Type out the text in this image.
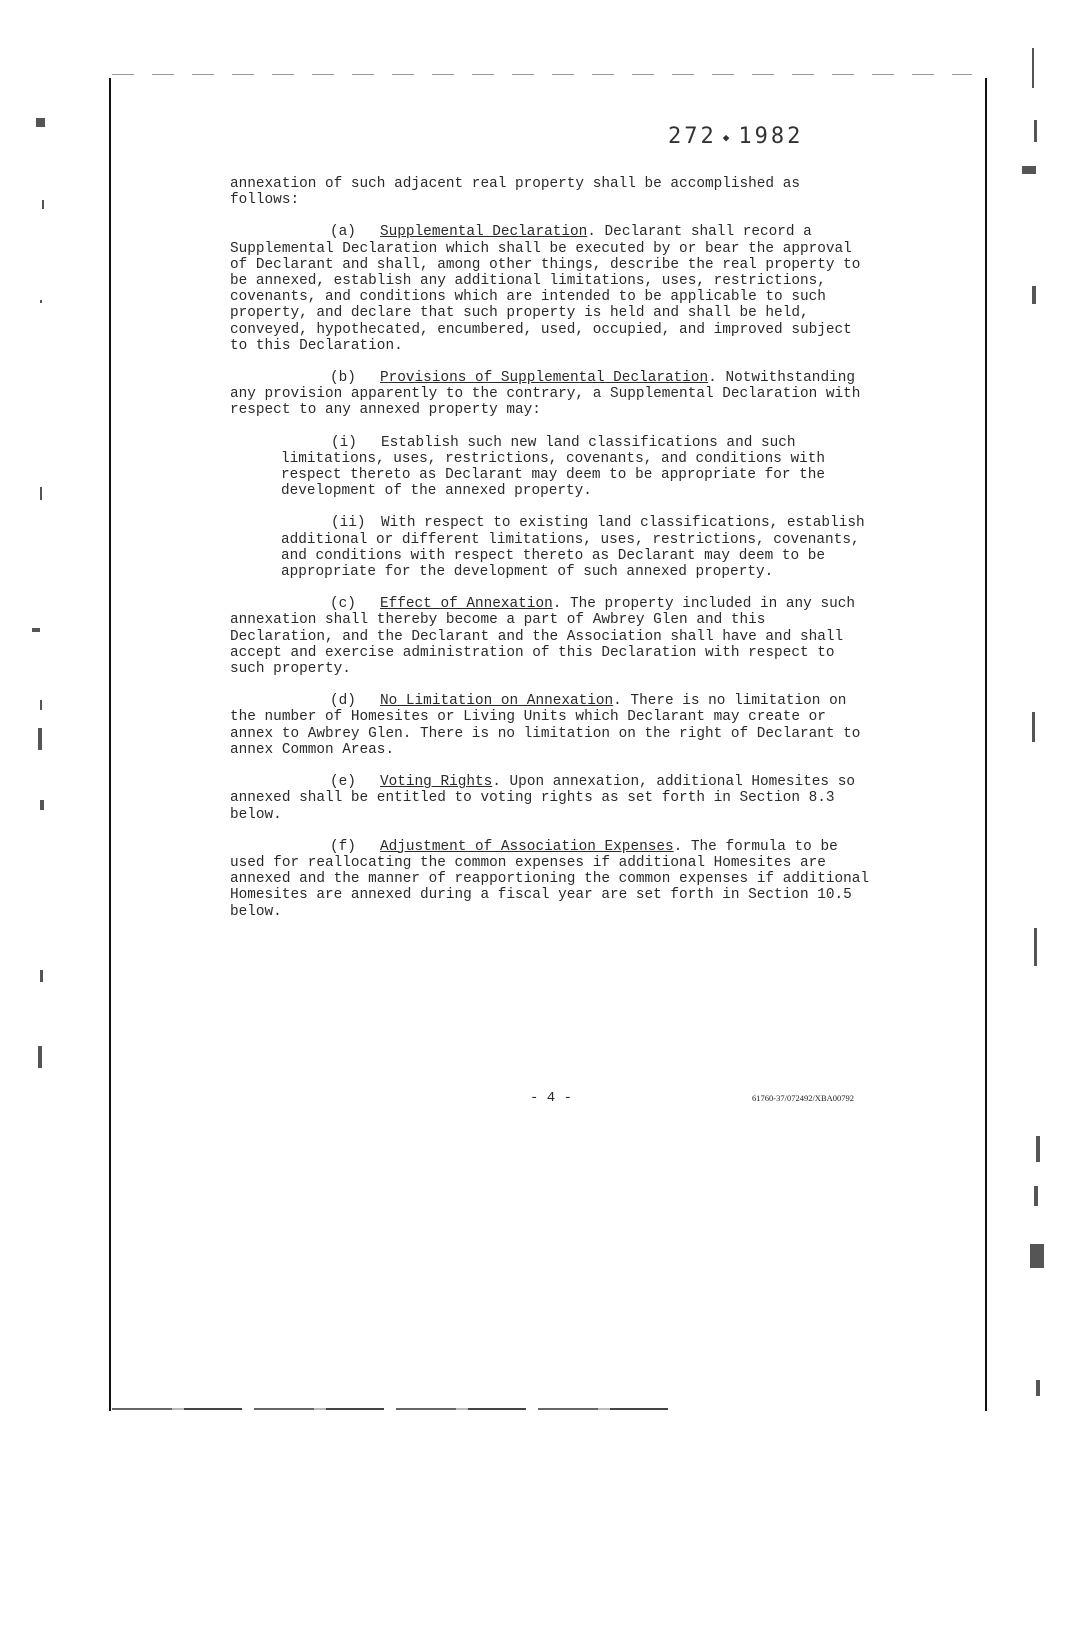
272 ◆ 1982

annexation of such adjacent real property shall be accomplished as follows:

(a) Supplemental Declaration. Declarant shall record a Supplemental Declaration which shall be executed by or bear the approval of Declarant and shall, among other things, describe the real property to be annexed, establish any additional limitations, uses, restrictions, covenants, and conditions which are intended to be applicable to such property, and declare that such property is held and shall be held, conveyed, hypothecated, encumbered, used, occupied, and improved subject to this Declaration.

(b) Provisions of Supplemental Declaration. Notwithstanding any provision apparently to the contrary, a Supplemental Declaration with respect to any annexed property may:

(i) Establish such new land classifications and such limitations, uses, restrictions, covenants, and conditions with respect thereto as Declarant may deem to be appropriate for the development of the annexed property.

(ii) With respect to existing land classifications, establish additional or different limitations, uses, restrictions, covenants, and conditions with respect thereto as Declarant may deem to be appropriate for the development of such annexed property.

(c) Effect of Annexation. The property included in any such annexation shall thereby become a part of Awbrey Glen and this Declaration, and the Declarant and the Association shall have and shall accept and exercise administration of this Declaration with respect to such property.

(d) No Limitation on Annexation. There is no limitation on the number of Homesites or Living Units which Declarant may create or annex to Awbrey Glen. There is no limitation on the right of Declarant to annex Common Areas.

(e) Voting Rights. Upon annexation, additional Homesites so annexed shall be entitled to voting rights as set forth in Section 8.3 below.

(f) Adjustment of Association Expenses. The formula to be used for reallocating the common expenses if additional Homesites are annexed and the manner of reapportioning the common expenses if additional Homesites are annexed during a fiscal year are set forth in Section 10.5 below.

- 4 -	61760-37/072492/XBA00792
